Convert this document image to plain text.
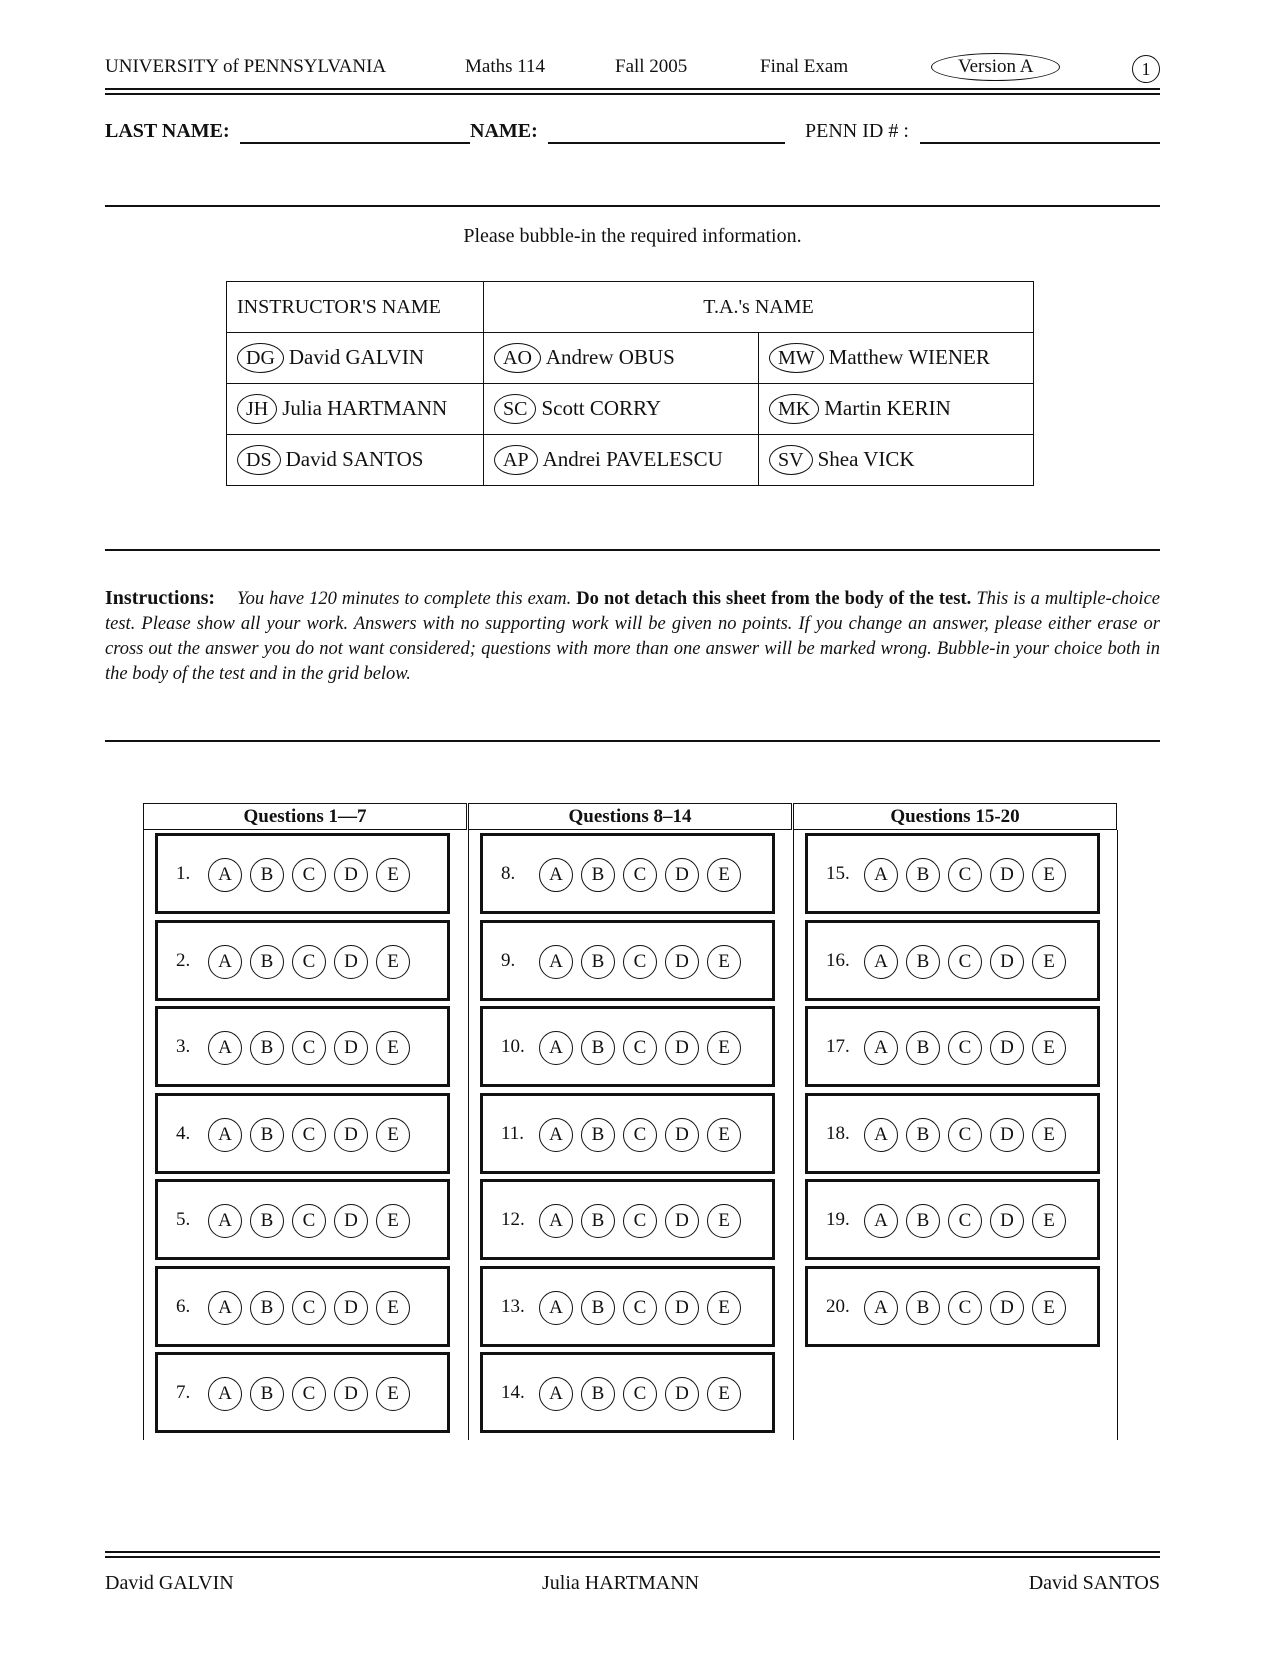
UNIVERSITY of PENNSYLVANIA	Maths 114	Fall 2005	Final Exam	Version A	1
LAST NAME:	NAME:	PENN ID # :
Please bubble-in the required information.
INSTRUCTOR'S NAME	T.A.'s NAME	
DG David GALVIN	AO Andrew OBUS	MW Matthew WIENER
JH Julia HARTMANN	SC Scott CORRY	MK Martin KERIN
DS David SANTOS	AP Andrei PAVELESCU	SV Shea VICK
Instructions: You have 120 minutes to complete this exam. Do not detach this sheet from the body of the test. This is a multiple-choice test. Please show all your work. Answers with no supporting work will be given no points. If you change an answer, please either erase or cross out the answer you do not want considered; questions with more than one answer will be marked wrong. Bubble-in your choice both in the body of the test and in the grid below.
Questions 1—7
1.	A	B	C	D	E
2.	A	B	C	D	E
3.	A	B	C	D	E
4.	A	B	C	D	E
5.	A	B	C	D	E
6.	A	B	C	D	E
7.	A	B	C	D	E
Questions 8–14
8.	A	B	C	D	E
9.	A	B	C	D	E
10.	A	B	C	D	E
11.	A	B	C	D	E
12.	A	B	C	D	E
13.	A	B	C	D	E
14.	A	B	C	D	E
Questions 15-20
15.	A	B	C	D	E
16.	A	B	C	D	E
17.	A	B	C	D	E
18.	A	B	C	D	E
19.	A	B	C	D	E
20.	A	B	C	D	E
David GALVIN	Julia HARTMANN	David SANTOS
